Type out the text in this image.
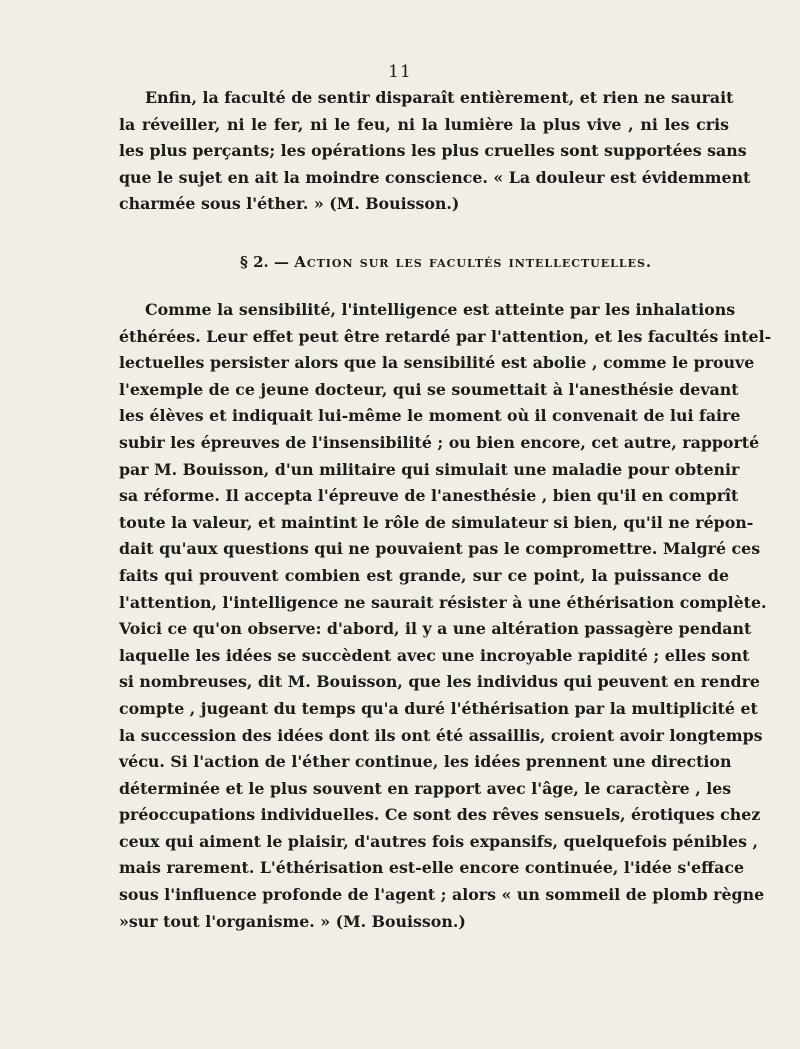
11
Enfin, la faculté de sentir disparaît entièrement, et rien ne saurait
la réveiller, ni le fer, ni le feu, ni la lumière la plus vive , ni les cris
les plus perçants; les opérations les plus cruelles sont supportées sans
que le sujet en ait la moindre conscience. « La douleur est évidemment
charmée sous l'éther. » (M. Bouisson.)
§ 2. — Action sur les facultés intellectuelles.
Comme la sensibilité, l'intelligence est atteinte par les inhalations
éthérées. Leur effet peut être retardé par l'attention, et les facultés intel-
lectuelles persister alors que la sensibilité est abolie , comme le prouve
l'exemple de ce jeune docteur, qui se soumettait à l'anesthésie devant
les élèves et indiquait lui-même le moment où il convenait de lui faire
subir les épreuves de l'insensibilité ; ou bien encore, cet autre, rapporté
par M. Bouisson, d'un militaire qui simulait une maladie pour obtenir
sa réforme. Il accepta l'épreuve de l'anesthésie , bien qu'il en comprît
toute la valeur, et maintint le rôle de simulateur si bien, qu'il ne répon-
dait qu'aux questions qui ne pouvaient pas le compromettre. Malgré ces
faits qui prouvent combien est grande, sur ce point, la puissance de
l'attention, l'intelligence ne saurait résister à une éthérisation complète.
Voici ce qu'on observe: d'abord, il y a une altération passagère pendant
laquelle les idées se succèdent avec une incroyable rapidité ; elles sont
si nombreuses, dit M. Bouisson, que les individus qui peuvent en rendre
compte , jugeant du temps qu'a duré l'éthérisation par la multiplicité et
la succession des idées dont ils ont été assaillis, croient avoir longtemps
vécu. Si l'action de l'éther continue, les idées prennent une direction
déterminée et le plus souvent en rapport avec l'âge, le caractère , les
préoccupations individuelles. Ce sont des rêves sensuels, érotiques chez
ceux qui aiment le plaisir, d'autres fois expansifs, quelquefois pénibles ,
mais rarement. L'éthérisation est-elle encore continuée, l'idée s'efface
sous l'influence profonde de l'agent ; alors « un sommeil de plomb règne
»sur tout l'organisme. » (M. Bouisson.)
